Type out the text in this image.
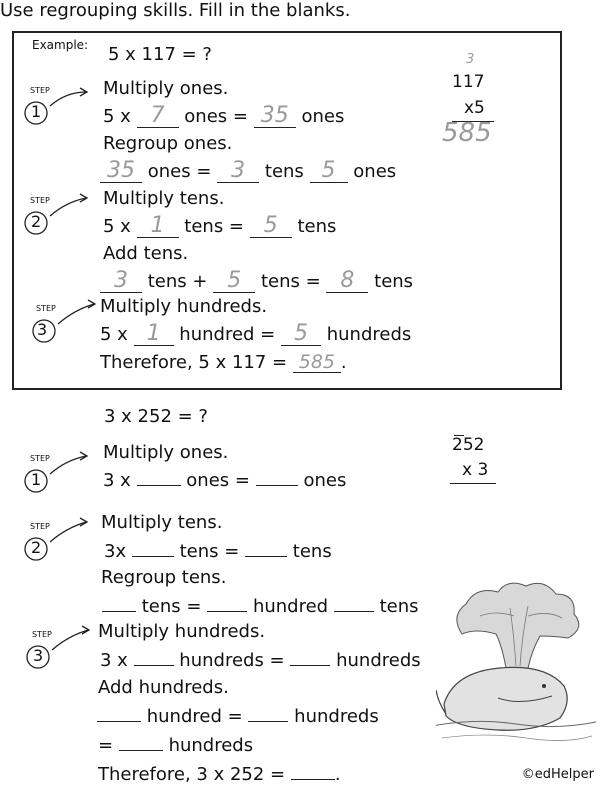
Use regrouping skills. Fill in the blanks.
Example: 5 x 117 = ?	3
117
x5
585
STEP
1
STEP
2
STEP
3
Multiply ones.
5 x 7 ones = 35 ones
Regroup ones.
35 ones = 3 tens 5 ones
Multiply tens.
5 x 1 tens = 5 tens
Add tens.
3 tens + 5 tens = 8 tens
Multiply hundreds.
5 x 1 hundred = 5 hundreds
Therefore, 5 x 117 = 585 .
3 x 252 = ?
252
x 3
STEP
1
STEP
2
STEP
3
Multiply ones.
3 x	ones =	ones
Multiply tens.
3x	tens =	tens
Regroup tens.
tens =	hundred	tens
Multiply hundreds.
3 x	hundreds =	hundreds
Add hundreds.
hundred =	hundreds
=	hundreds
Therefore, 3 x 252 =	.	©edHelper
